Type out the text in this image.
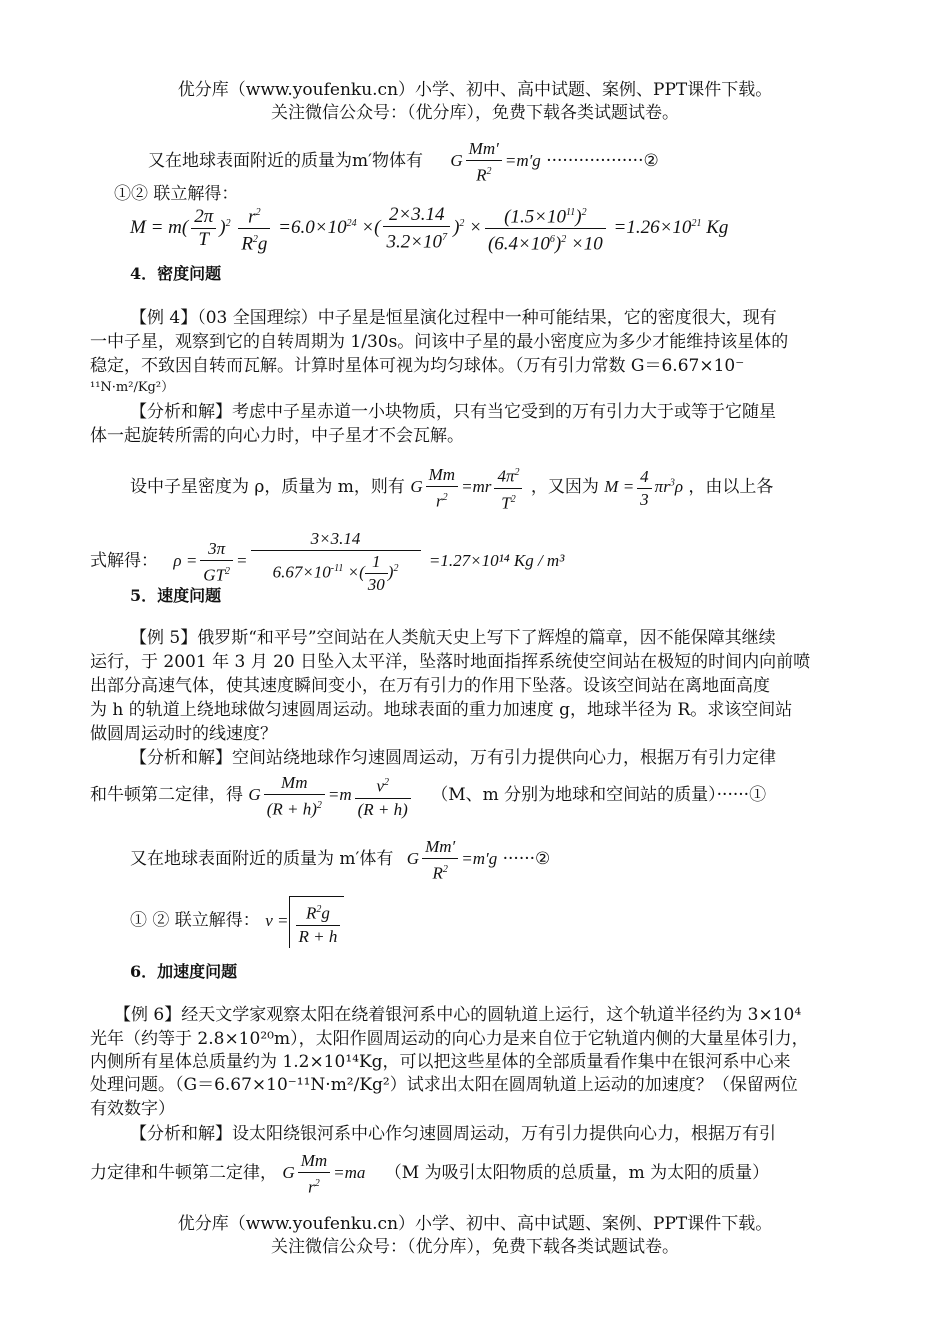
优分库（www.youfenku.cn）小学、初中、高中试题、案例、PPT课件下载。
关注微信公众号：（优分库），免费下载各类试题试卷。
又在地球表面附近的质量为m′物体有 G $\frac{Mm'}{R^2} =m'g$ ··················②
①② 联立解得：
$M = m( \frac{2\pi}{T} )^2 \frac{r^2}{R^2g} =6.0\times 10^{24}$ ×( $\frac{2\times 3.14}{3.2\times 10^7} )^2 \times \frac{(1.5\times 10^{11})^2}{(6.4\times 10^6)^2 \times 10} =1.26\times 10^{21}$ Kg
4．密度问题
【例 4】（03 全国理综）中子星是恒星演化过程中一种可能结果，它的密度很大，现有
一中子星，观察到它的自转周期为 1/30s。问该中子星的最小密度应为多少才能维持该星体的
稳定，不致因自转而瓦解。计算时星体可视为均匀球体。（万有引力常数 G＝6.67×10⁻
¹¹N·m²/Kg²）
【分析和解】考虑中子星赤道一小块物质，只有当它受到的万有引力大于或等于它随星
体一起旋转所需的向心力时，中子星才不会瓦解。
设中子星密度为 ρ，质量为 m，则有 G $\frac{Mm}{r^2} =mr \frac{4\pi^2}{T^2}$ ，又因为 $M = \frac{4}{3} \pi r^3\rho$ ，由以上各
式解得： $\rho = \frac{3\pi}{GT^2} = \frac{3\times 3.14}{6.67\times 10^{-11} \times( \frac{1}{30} )^2} =1.27\times 10^{14}$ Kg / m³
5．速度问题
【例 5】俄罗斯“和平号”空间站在人类航天史上写下了辉煌的篇章，因不能保障其继续
运行，于 2001 年 3 月 20 日坠入太平洋，坠落时地面指挥系统使空间站在极短的时间内向前喷
出部分高速气体，使其速度瞬间变小，在万有引力的作用下坠落。设该空间站在离地面高度
为 h 的轨道上绕地球做匀速圆周运动。地球表面的重力加速度 g，地球半径为 R。求该空间站
做圆周运动时的线速度？
【分析和解】空间站绕地球作匀速圆周运动，万有引力提供向心力，根据万有引力定律
和牛顿第二定律，得 G $\frac{Mm}{(R + h)^2} =m \frac{v^2}{(R + h)} (M$、m 分别为地球和空间站的质量）······①
又在地球表面附近的质量为 m′体有 G $\frac{Mm'}{R^2} =m'g$ ······②
① ② 联立解得： $v = \frac{R^2g}{R + h}$
6．加速度问题
【例 6】经天文学家观察太阳在绕着银河系中心的圆轨道上运行，这个轨道半径约为 3×10⁴
光年（约等于 2.8×10²⁰m），太阳作圆周运动的向心力是来自位于它轨道内侧的大量星体引力，
内侧所有星体总质量约为 1.2×10¹⁴Kg，可以把这些星体的全部质量看作集中在银河系中心来
处理问题。（G＝6.67×10⁻¹¹N·m²/Kg²）试求出太阳在圆周轨道上运动的加速度？（保留两位
有效数字）
【分析和解】设太阳绕银河系中心作匀速圆周运动，万有引力提供向心力，根据万有引
力定律和牛顿第二定律， G $\frac{Mm}{r^2} =ma$ （M 为吸引太阳物质的总质量，m 为太阳的质量）
优分库（www.youfenku.cn）小学、初中、高中试题、案例、PPT课件下载。
关注微信公众号：（优分库），免费下载各类试题试卷。
